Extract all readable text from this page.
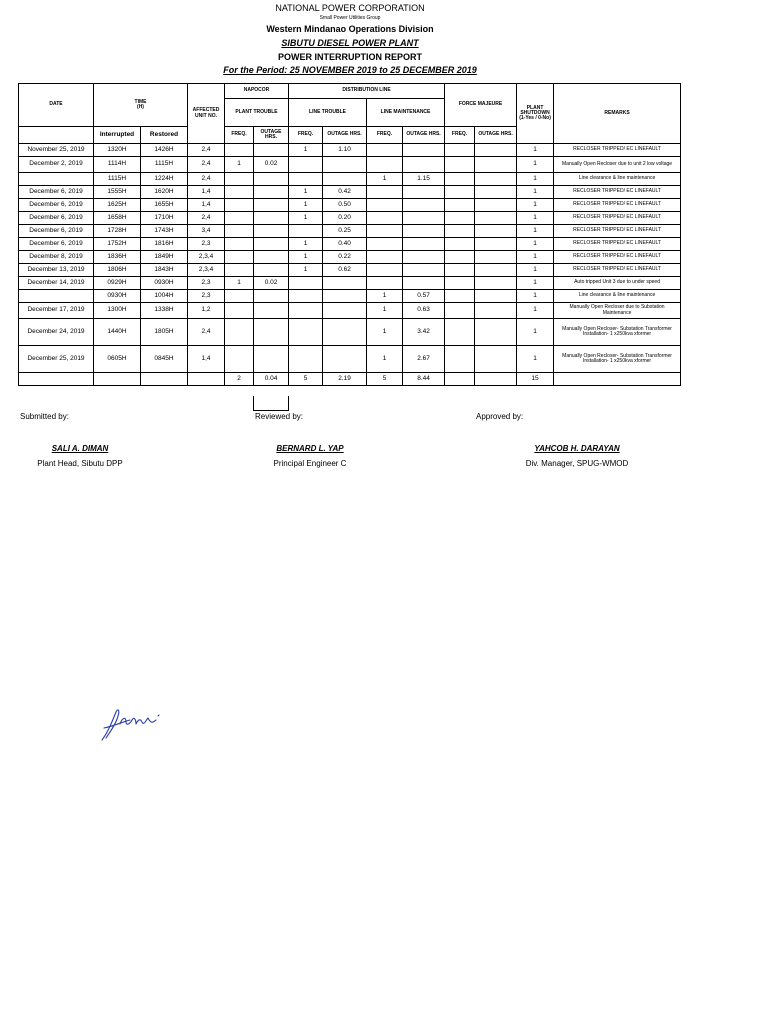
NATIONAL POWER CORPORATION
Small Power Utilities Group
Western Mindanao Operations Division
SIBUTU DIESEL POWER PLANT
POWER INTERRUPTION REPORT
For the Period: 25 NOVEMBER 2019 to 25 DECEMBER 2019
DATE	TIME
(H)		AFFECTED UNIT NO.	NAPOCOR		DISTRIBUTION LINE				FORCE MAJEURE		PLANT SHUTDOWN (1-Yes / 0-No)	REMARKS
				PLANT TROUBLE		LINE TROUBLE		LINE MAINTENANCE					
	Interrupted	Restored		FREQ.	OUTAGE HRS.	FREQ.	OUTAGE HRS.	FREQ.	OUTAGE HRS.	FREQ.	OUTAGE HRS.		
November 25, 2019	1320H	1426H	2,4			1	1.10					1	RECLOSER TRIPPED/ EC LINEFAULT
December 2, 2019	1114H	1115H	2,4	1	0.02							1	Manually Open Recloser due to unit 2 low voltage
	1115H	1224H	2,4					1	1.15			1	Line clearance & line maintenance
December 6, 2019	1555H	1620H	1,4			1	0.42					1	RECLOSER TRIPPED/ EC LINEFAULT
December 6, 2019	1625H	1655H	1,4			1	0.50					1	RECLOSER TRIPPED/ EC LINEFAULT
December 6, 2019	1658H	1710H	2,4			1	0.20					1	RECLOSER TRIPPED/ EC LINEFAULT
December 6, 2019	1728H	1743H	3,4				0.25					1	RECLOSER TRIPPED/ EC LINEFAULT
December 6, 2019	1752H	1816H	2,3			1	0.40					1	RECLOSER TRIPPED/ EC LINEFAULT
December 8, 2019	1836H	1849H	2,3,4			1	0.22					1	RECLOSER TRIPPED/ EC LINEFAULT
December 13, 2019	1806H	1843H	2,3,4			1	0.62					1	RECLOSER TRIPPED/ EC LINEFAULT
December 14, 2019	0929H	0930H	2,3	1	0.02							1	Auto tripped Unit 3 due to under speed
	0930H	1004H	2,3					1	0.57			1	Line clearance & line maintenance
December 17, 2019	1300H	1338H	1,2					1	0.63			1	Manually Open Recloser due to Substation Maintenance
December 24, 2019	1440H	1805H	2,4					1	3.42			1	Manually Open Recloser- Substation Transformer Installation- 1 x250kva xformer
December 25, 2019	0605H	0845H	1,4					1	2.67			1	Manually Open Recloser- Substation Transformer Installation- 1 x250kva xformer
				2	0.04	5	2.19	5	8.44			15	
Submitted by:	Reviewed by:	Approved by:
SALI A. DIMAN
Plant Head, Sibutu DPP
BERNARD L. YAP
Principal Engineer C
YAHCOB H. DARAYAN
Div. Manager, SPUG-WMOD
